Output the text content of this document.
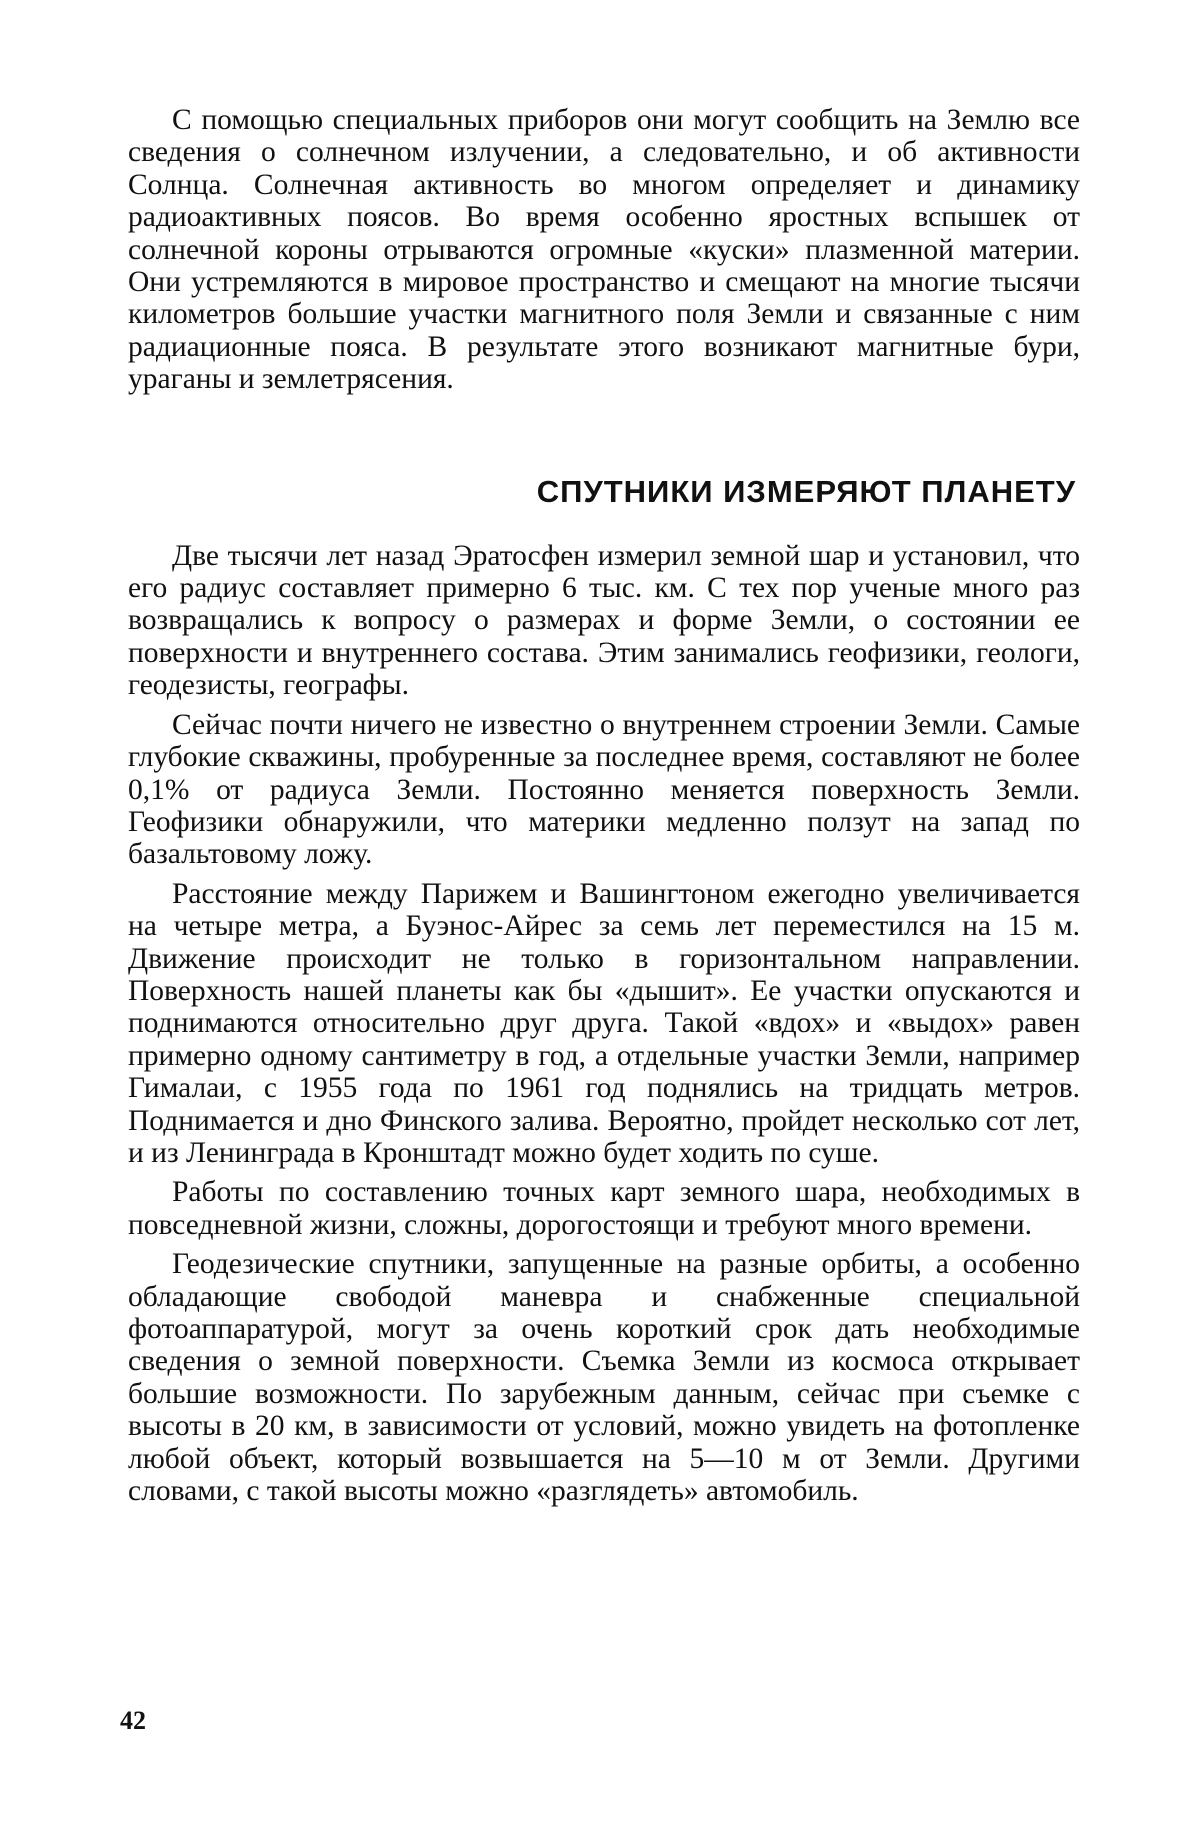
С помощью специальных приборов они могут сообщить на Землю все сведения о солнечном излучении, а следовательно, и об активности Солнца. Солнечная активность во многом определяет и динамику радиоактивных поясов. Во время особенно яростных вспышек от солнечной короны отрываются огромные «куски» плазменной материи. Они устремляются в мировое пространство и смещают на многие тысячи километров большие участки магнитного поля Земли и связанные с ним радиационные пояса. В результате этого возникают магнитные бури, ураганы и землетрясения.

СПУТНИКИ ИЗМЕРЯЮТ ПЛАНЕТУ

Две тысячи лет назад Эратосфен измерил земной шар и установил, что его радиус составляет примерно 6 тыс. км. С тех пор ученые много раз возвращались к вопросу о размерах и форме Земли, о состоянии ее поверхности и внутреннего состава. Этим занимались геофизики, геологи, геодезисты, географы.

Сейчас почти ничего не известно о внутреннем строении Земли. Самые глубокие скважины, пробуренные за последнее время, составляют не более 0,1% от радиуса Земли. Постоянно меняется поверхность Земли. Геофизики обнаружили, что материки медленно ползут на запад по базальтовому ложу.

Расстояние между Парижем и Вашингтоном ежегодно увеличивается на четыре метра, а Буэнос-Айрес за семь лет переместился на 15 м. Движение происходит не только в горизонтальном направлении. Поверхность нашей планеты как бы «дышит». Ее участки опускаются и поднимаются относительно друг друга. Такой «вдох» и «выдох» равен примерно одному сантиметру в год, а отдельные участки Земли, например Гималаи, с 1955 года по 1961 год поднялись на тридцать метров. Поднимается и дно Финского залива. Вероятно, пройдет несколько сот лет, и из Ленинграда в Кронштадт можно будет ходить по суше.

Работы по составлению точных карт земного шара, необходимых в повседневной жизни, сложны, дорогостоящи и требуют много времени.

Геодезические спутники, запущенные на разные орбиты, а особенно обладающие свободой маневра и снабженные специальной фотоаппаратурой, могут за очень короткий срок дать необходимые сведения о земной поверхности. Съемка Земли из космоса открывает большие возможности. По зарубежным данным, сейчас при съемке с высоты в 20 км, в зависимости от условий, можно увидеть на фотопленке любой объект, который возвышается на 5—10 м от Земли. Другими словами, с такой высоты можно «разглядеть» автомобиль.

42
